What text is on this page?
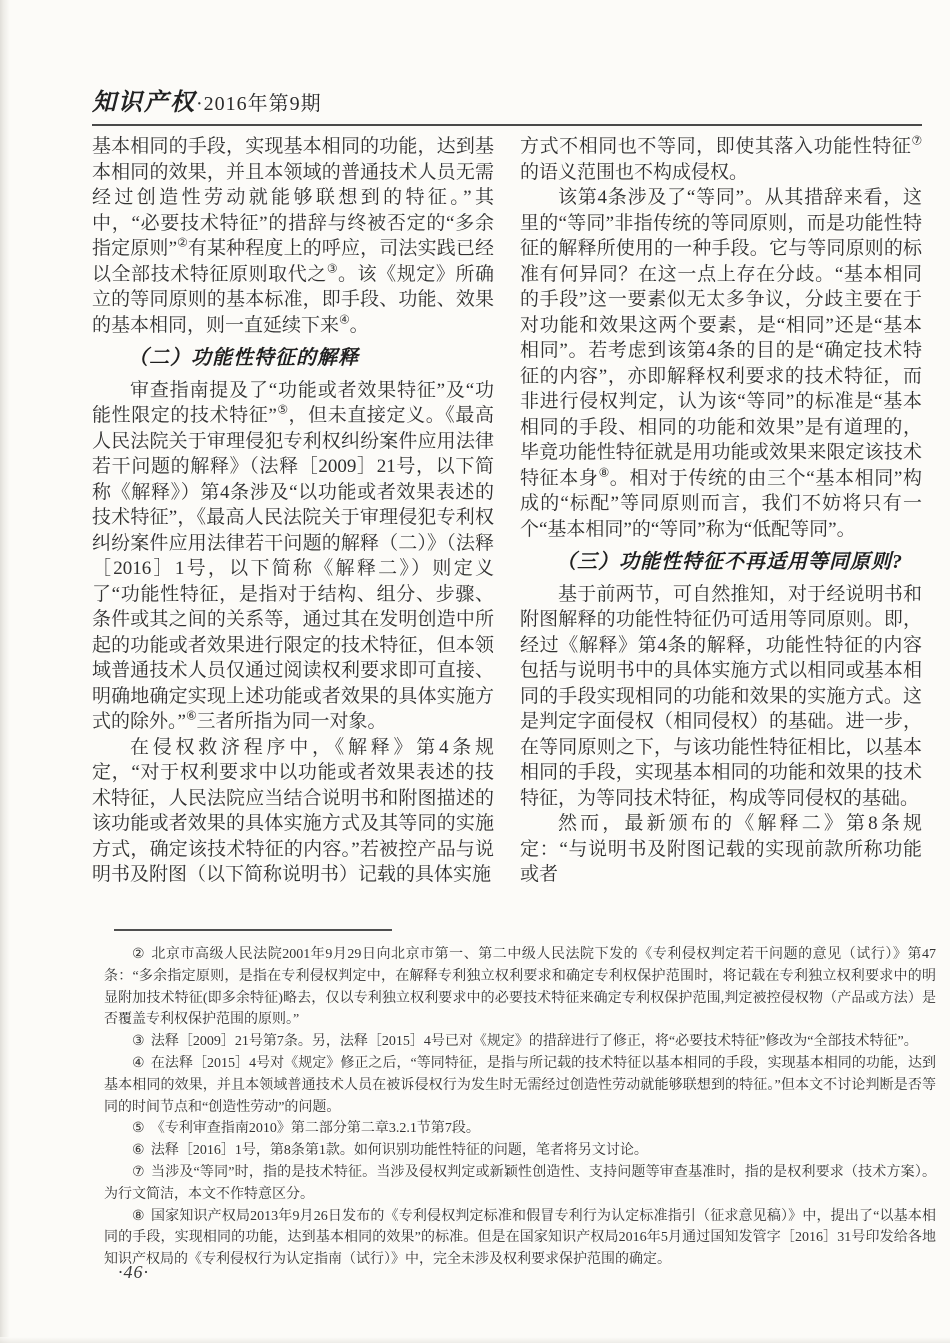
知识产权·2016年第9期

基本相同的手段，实现基本相同的功能，达到基本相同的效果，并且本领域的普通技术人员无需经过创造性劳动就能够联想到的特征。”其中，“必要技术特征”的措辞与终被否定的“多余指定原则”②有某种程度上的呼应，司法实践已经以全部技术特征原则取代之③。该《规定》所确立的等同原则的基本标准，即手段、功能、效果的基本相同，则一直延续下来④。

（二）功能性特征的解释

审查指南提及了“功能或者效果特征”及“功能性限定的技术特征”⑤，但未直接定义。《最高人民法院关于审理侵犯专利权纠纷案件应用法律若干问题的解释》（法释［2009］21号，以下简称《解释》）第4条涉及“以功能或者效果表述的技术特征”，《最高人民法院关于审理侵犯专利权纠纷案件应用法律若干问题的解释（二）》（法释［2016］1号，以下简称《解释二》）则定义了“功能性特征，是指对于结构、组分、步骤、条件或其之间的关系等，通过其在发明创造中所起的功能或者效果进行限定的技术特征，但本领域普通技术人员仅通过阅读权利要求即可直接、明确地确定实现上述功能或者效果的具体实施方式的除外。”⑥三者所指为同一对象。

在侵权救济程序中，《解释》第4条规定，“对于权利要求中以功能或者效果表述的技术特征，人民法院应当结合说明书和附图描述的该功能或者效果的具体实施方式及其等同的实施方式，确定该技术特征的内容。”若被控产品与说明书及附图（以下简称说明书）记载的具体实施

方式不相同也不等同，即使其落入功能性特征⑦的语义范围也不构成侵权。

该第4条涉及了“等同”。从其措辞来看，这里的“等同”非指传统的等同原则，而是功能性特征的解释所使用的一种手段。它与等同原则的标准有何异同？在这一点上存在分歧。“基本相同的手段”这一要素似无太多争议，分歧主要在于对功能和效果这两个要素，是“相同”还是“基本相同”。若考虑到该第4条的目的是“确定技术特征的内容”，亦即解释权利要求的技术特征，而非进行侵权判定，认为该“等同”的标准是“基本相同的手段、相同的功能和效果”是有道理的，毕竟功能性特征就是用功能或效果来限定该技术特征本身⑧。相对于传统的由三个“基本相同”构成的“标配”等同原则而言，我们不妨将只有一个“基本相同”的“等同”称为“低配等同”。

（三）功能性特征不再适用等同原则?

基于前两节，可自然推知，对于经说明书和附图解释的功能性特征仍可适用等同原则。即，经过《解释》第4条的解释，功能性特征的内容包括与说明书中的具体实施方式以相同或基本相同的手段实现相同的功能和效果的实施方式。这是判定字面侵权（相同侵权）的基础。进一步，在等同原则之下，与该功能性特征相比，以基本相同的手段，实现基本相同的功能和效果的技术特征，为等同技术特征，构成等同侵权的基础。

然而，最新颁布的《解释二》第8条规定：“与说明书及附图记载的实现前款所称功能或者

② 北京市高级人民法院2001年9月29日向北京市第一、第二中级人民法院下发的《专利侵权判定若干问题的意见（试行）》第47条：“多余指定原则，是指在专利侵权判定中，在解释专利独立权利要求和确定专利权保护范围时，将记载在专利独立权利要求中的明显附加技术特征(即多余特征)略去，仅以专利独立权利要求中的必要技术特征来确定专利权保护范围,判定被控侵权物（产品或方法）是否覆盖专利权保护范围的原则。”

③ 法释［2009］21号第7条。另，法释［2015］4号已对《规定》的措辞进行了修正，将“必要技术特征”修改为“全部技术特征”。

④ 在法释［2015］4号对《规定》修正之后，“等同特征，是指与所记载的技术特征以基本相同的手段，实现基本相同的功能，达到基本相同的效果，并且本领域普通技术人员在被诉侵权行为发生时无需经过创造性劳动就能够联想到的特征。”但本文不讨论判断是否等同的时间节点和“创造性劳动”的问题。

⑤ 《专利审查指南2010》第二部分第二章3.2.1节第7段。

⑥ 法释［2016］1号，第8条第1款。如何识别功能性特征的问题，笔者将另文讨论。

⑦ 当涉及“等同”时，指的是技术特征。当涉及侵权判定或新颖性创造性、支持问题等审查基准时，指的是权利要求（技术方案）。为行文简洁，本文不作特意区分。

⑧ 国家知识产权局2013年9月26日发布的《专利侵权判定标准和假冒专利行为认定标准指引（征求意见稿）》中，提出了“以基本相同的手段，实现相同的功能，达到基本相同的效果”的标准。但是在国家知识产权局2016年5月通过国知发管字［2016］31号印发给各地知识产权局的《专利侵权行为认定指南（试行）》中，完全未涉及权利要求保护范围的确定。

·46·
